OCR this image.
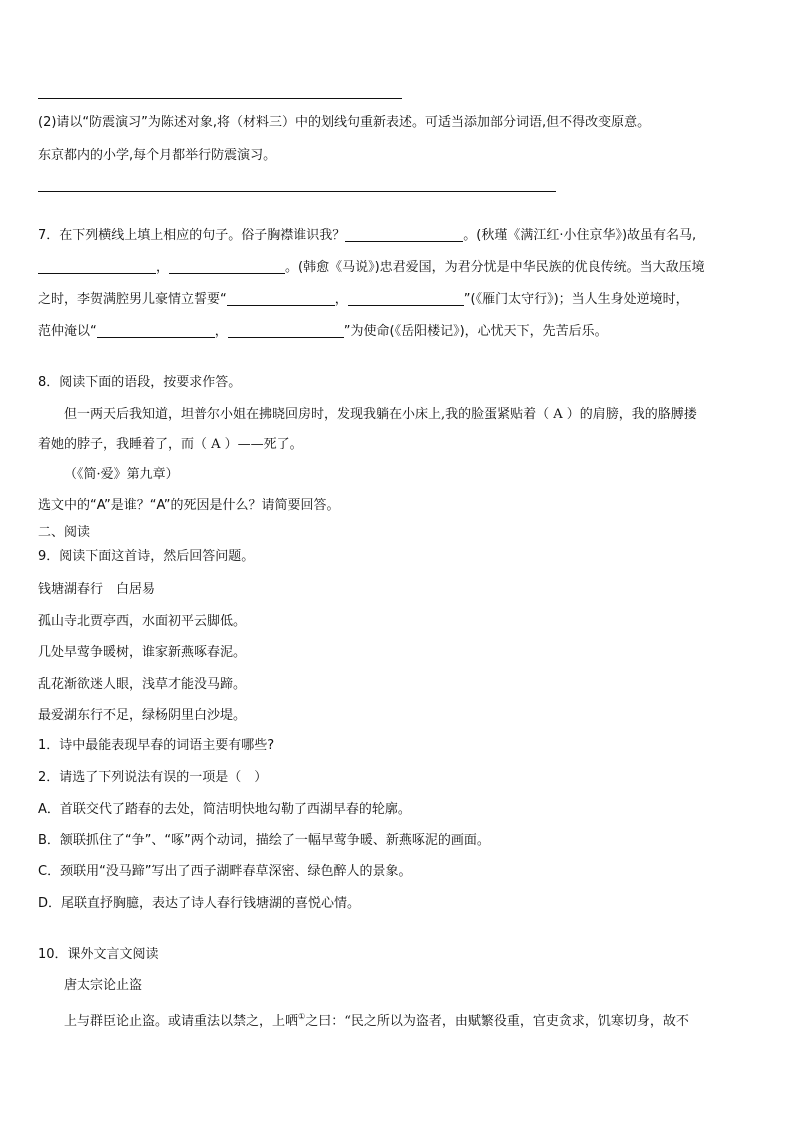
(2)请以“防震演习”为陈述对象,将（材料三）中的划线句重新表述。可适当添加部分词语,但不得改变原意。
东京都内的小学,每个月都举行防震演习。
7．在下列横线上填上相应的句子。俗子胸襟谁识我？	。(秋瑾《满江红·小住京华》)故虽有名马,
，	。(韩愈《马说》)忠君爱国，为君分忧是中华民族的优良传统。当大敌压境
之时，李贺满腔男儿豪情立誓要“	，	”(《雁门太守行》)；当人生身处逆境时，
范仲淹以“	，	”为使命(《岳阳楼记》)，心忧天下，先苦后乐。
8．阅读下面的语段，按要求作答。
但一两天后我知道，坦普尔小姐在拂晓回房时，发现我躺在小床上,我的脸蛋紧贴着（ A ）的肩膀，我的胳膊搂
着她的脖子，我睡着了，而（ A ）——死了。
（《简·爱》第九章）
选文中的“A”是谁？“A”的死因是什么？请简要回答。
二、阅读
9．阅读下面这首诗，然后回答问题。
钱塘湖春行　白居易
孤山寺北贾亭西，水面初平云脚低。
几处早莺争暖树，谁家新燕啄春泥。
乱花渐欲迷人眼，浅草才能没马蹄。
最爱湖东行不足，绿杨阴里白沙堤。
1．诗中最能表现早春的词语主要有哪些?
2．请选了下列说法有误的一项是（　）
A．首联交代了踏春的去处，简洁明快地勾勒了西湖早春的轮廓。
B．颔联抓住了“争”、“啄”两个动词，描绘了一幅早莺争暖、新燕啄泥的画面。
C．颈联用“没马蹄”写出了西子湖畔春草深密、绿色醉人的景象。
D．尾联直抒胸臆，表达了诗人春行钱塘湖的喜悦心情。
10．课外文言文阅读
唐太宗论止盗
上与群臣论止盗。或请重法以禁之，上哂①之曰：“民之所以为盗者，由赋繁役重，官吏贪求，饥寒切身，故不
